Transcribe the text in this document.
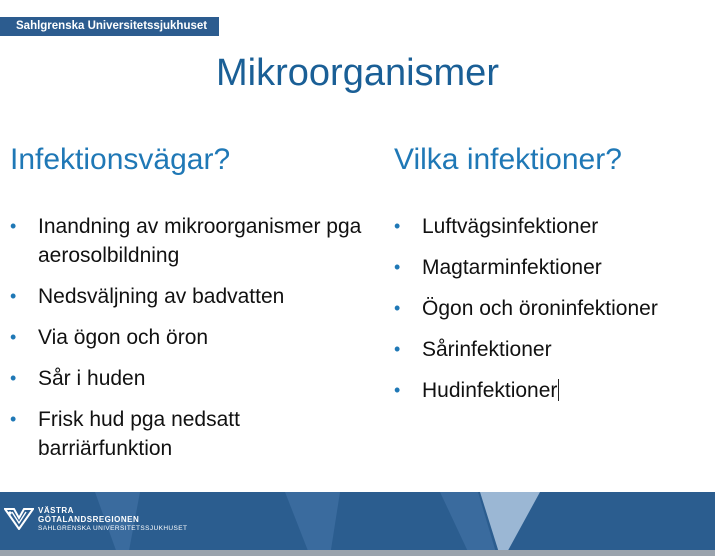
Sahlgrenska Universitetssjukhuset
Mikroorganismer
Infektionsvägar?	Vilka infektioner?
• Inandning av mikroorganismer pga aerosolbildning
• Nedsväljning av badvatten
• Via ögon och öron
• Sår i huden
• Frisk hud pga nedsatt barriärfunktion
• Luftvägsinfektioner
• Magtarminfektioner
• Ögon och öroninfektioner
• Sårinfektioner
• Hudinfektioner
VÄSTRA
GÖTALANDSREGIONEN
SAHLGRENSKA UNIVERSITETSSJUKHUSET
